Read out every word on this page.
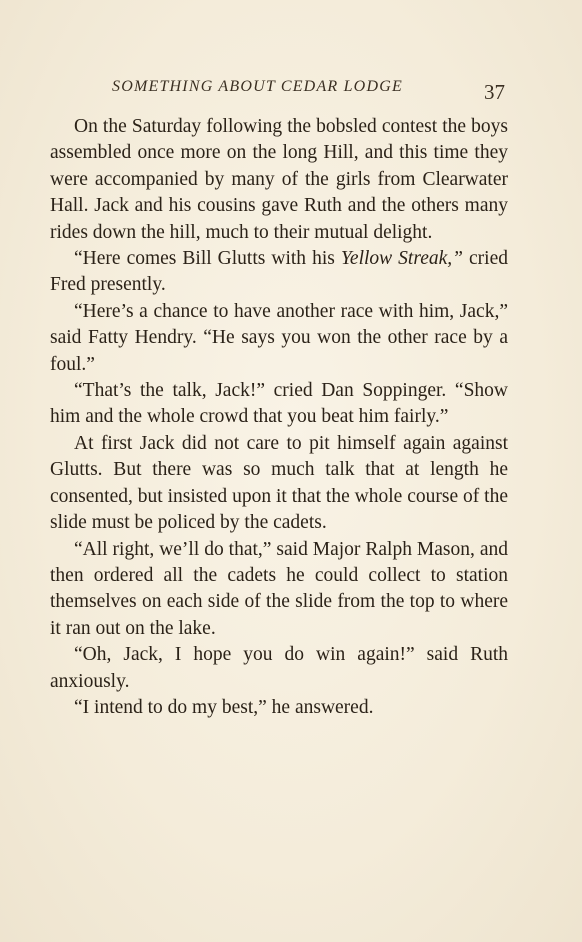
SOMETHING ABOUT CEDAR LODGE	37

On the Saturday following the bobsled contest the boys assembled once more on the long Hill, and this time they were accompanied by many of the girls from Clearwater Hall. Jack and his cousins gave Ruth and the others many rides down the hill, much to their mutual delight.

“Here comes Bill Glutts with his Yellow Streak,” cried Fred presently.

“Here’s a chance to have another race with him, Jack,” said Fatty Hendry. “He says you won the other race by a foul.”

“That’s the talk, Jack!” cried Dan Soppinger. “Show him and the whole crowd that you beat him fairly.”

At first Jack did not care to pit himself again against Glutts. But there was so much talk that at length he consented, but insisted upon it that the whole course of the slide must be policed by the cadets.

“All right, we’ll do that,” said Major Ralph Mason, and then ordered all the cadets he could collect to station themselves on each side of the slide from the top to where it ran out on the lake.

“Oh, Jack, I hope you do win again!” said Ruth anxiously.

“I intend to do my best,” he answered.
